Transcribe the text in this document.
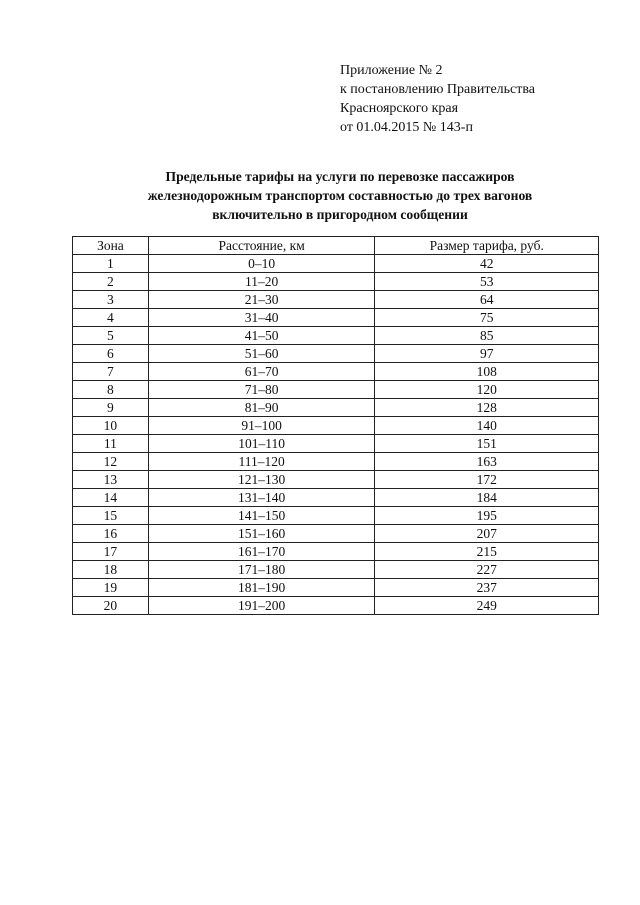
Приложение № 2
к постановлению Правительства
Красноярского края
от 01.04.2015 № 143-п
Предельные тарифы на услуги по перевозке пассажиров
железнодорожным транспортом составностью до трех вагонов
включительно в пригородном сообщении
Зона	Расстояние, км	Размер тарифа, руб.
1	0–10	42
2	11–20	53
3	21–30	64
4	31–40	75
5	41–50	85
6	51–60	97
7	61–70	108
8	71–80	120
9	81–90	128
10	91–100	140
11	101–110	151
12	111–120	163
13	121–130	172
14	131–140	184
15	141–150	195
16	151–160	207
17	161–170	215
18	171–180	227
19	181–190	237
20	191–200	249
